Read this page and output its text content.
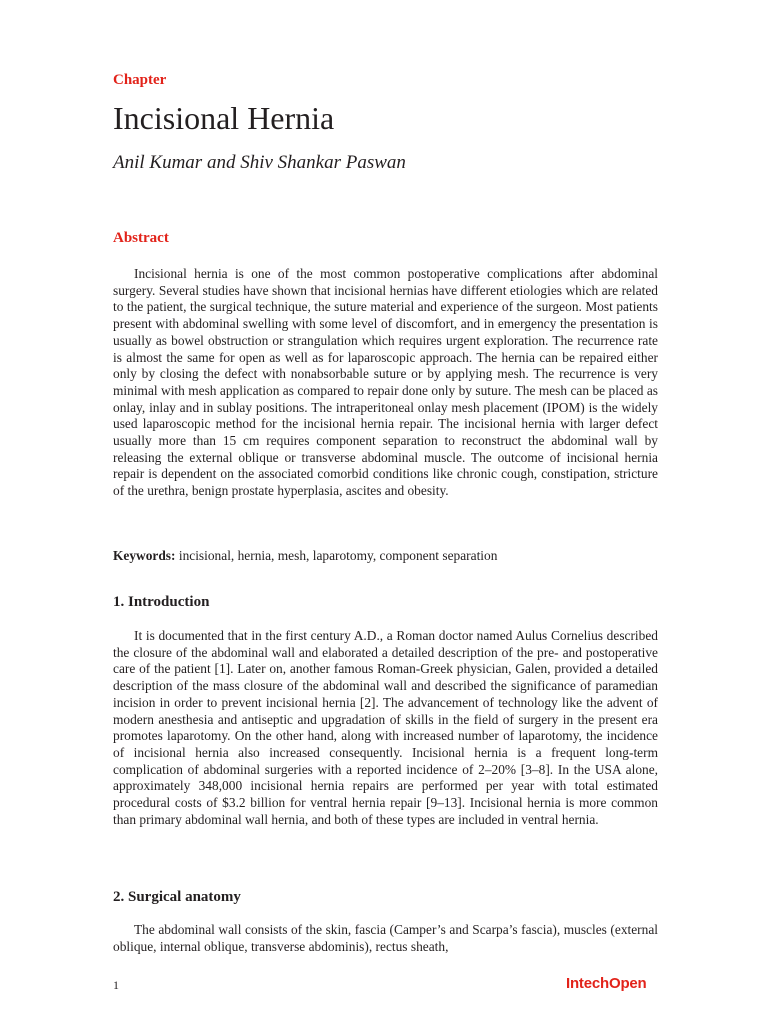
Chapter
Incisional Hernia
Anil Kumar and Shiv Shankar Paswan
Abstract

Incisional hernia is one of the most common postoperative complications after abdominal surgery. Several studies have shown that incisional hernias have different etiologies which are related to the patient, the surgical technique, the suture material and experience of the surgeon. Most patients present with abdominal swelling with some level of discomfort, and in emergency the presentation is usually as bowel obstruction or strangulation which requires urgent exploration. The recurrence rate is almost the same for open as well as for laparoscopic approach. The hernia can be repaired either only by closing the defect with nonabsorbable suture or by applying mesh. The recurrence is very minimal with mesh application as compared to repair done only by suture. The mesh can be placed as onlay, inlay and in sublay positions. The intraperitoneal onlay mesh placement (IPOM) is the widely used laparoscopic method for the incisional hernia repair. The incisional hernia with larger defect usually more than 15 cm requires component separation to reconstruct the abdominal wall by releasing the external oblique or transverse abdominal muscle. The outcome of incisional hernia repair is dependent on the associated comorbid conditions like chronic cough, constipation, stricture of the urethra, benign prostate hyperplasia, ascites and obesity.

Keywords: incisional, hernia, mesh, laparotomy, component separation
1. Introduction

It is documented that in the first century A.D., a Roman doctor named Aulus Cornelius described the closure of the abdominal wall and elaborated a detailed description of the pre- and postoperative care of the patient [1]. Later on, another famous Roman-Greek physician, Galen, provided a detailed description of the mass closure of the abdominal wall and described the significance of paramedian incision in order to prevent incisional hernia [2]. The advancement of technology like the advent of modern anesthesia and antiseptic and upgradation of skills in the field of surgery in the present era promotes laparotomy. On the other hand, along with increased number of laparotomy, the incidence of incisional hernia also increased consequently. Incisional hernia is a frequent long-term complication of abdominal surgeries with a reported incidence of 2–20% [3–8]. In the USA alone, approximately 348,000 incisional hernia repairs are performed per year with total estimated procedural costs of $3.2 billion for ventral hernia repair [9–13]. Incisional hernia is more common than primary abdominal wall hernia, and both of these types are included in ventral hernia.

2. Surgical anatomy

The abdominal wall consists of the skin, fascia (Camper’s and Scarpa’s fascia), muscles (external oblique, internal oblique, transverse abdominis), rectus sheath,

1	IntechOpen
